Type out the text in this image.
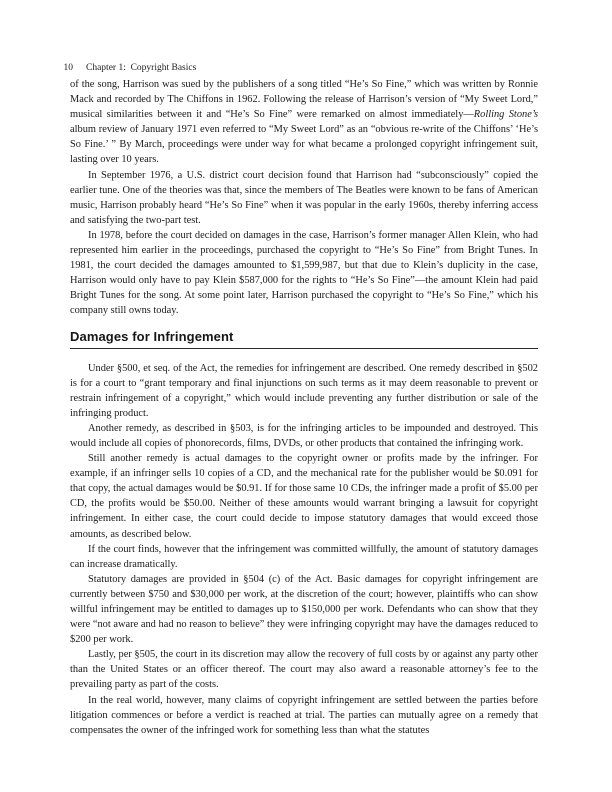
10 Chapter 1:  Copyright Basics

of the song, Harrison was sued by the publishers of a song titled “He’s So Fine,” which was written by Ronnie Mack and recorded by The Chiffons in 1962. Following the release of Harrison’s version of “My Sweet Lord,” musical similarities between it and “He’s So Fine” were remarked on almost immediately—Rolling Stone’s album review of January 1971 even referred to “My Sweet Lord” as an “obvious re-write of the Chiffons’ ‘He’s So Fine.’ ” By March, proceedings were under way for what became a prolonged copyright infringement suit, lasting over 10 years.

In September 1976, a U.S. district court decision found that Harrison had “subconsciously” copied the earlier tune. One of the theories was that, since the members of The Beatles were known to be fans of American music, Harrison probably heard “He’s So Fine” when it was popular in the early 1960s, thereby inferring access and satisfying the two-part test.

In 1978, before the court decided on damages in the case, Harrison’s former manager Allen Klein, who had represented him earlier in the proceedings, purchased the copyright to “He’s So Fine” from Bright Tunes. In 1981, the court decided the damages amounted to $1,599,987, but that due to Klein’s duplicity in the case, Harrison would only have to pay Klein $587,000 for the rights to “He’s So Fine”—the amount Klein had paid Bright Tunes for the song. At some point later, Harrison purchased the copyright to “He’s So Fine,” which his company still owns today.

Damages for Infringement

Under §500, et seq. of the Act, the remedies for infringement are described. One remedy described in §502 is for a court to “grant temporary and final injunctions on such terms as it may deem reasonable to prevent or restrain infringement of a copyright,” which would include preventing any further distribution or sale of the infringing product.

Another remedy, as described in §503, is for the infringing articles to be impounded and destroyed. This would include all copies of phonorecords, films, DVDs, or other products that contained the infringing work.

Still another remedy is actual damages to the copyright owner or profits made by the infringer. For example, if an infringer sells 10 copies of a CD, and the mechanical rate for the publisher would be $0.091 for that copy, the actual damages would be $0.91. If for those same 10 CDs, the infringer made a profit of $5.00 per CD, the profits would be $50.00. Neither of these amounts would warrant bringing a lawsuit for copyright infringement. In either case, the court could decide to impose statutory damages that would exceed those amounts, as described below.

If the court finds, however that the infringement was committed willfully, the amount of statutory damages can increase dramatically.

Statutory damages are provided in §504 (c) of the Act. Basic damages for copyright infringement are currently between $750 and $30,000 per work, at the discretion of the court; however, plaintiffs who can show willful infringement may be entitled to damages up to $150,000 per work. Defendants who can show that they were “not aware and had no reason to believe” they were infringing copyright may have the damages reduced to $200 per work.

Lastly, per §505, the court in its discretion may allow the recovery of full costs by or against any party other than the United States or an officer thereof. The court may also award a reasonable attorney’s fee to the prevailing party as part of the costs.

In the real world, however, many claims of copyright infringement are settled between the parties before litigation commences or before a verdict is reached at trial. The parties can mutually agree on a remedy that compensates the owner of the infringed work for something less than what the statutes
